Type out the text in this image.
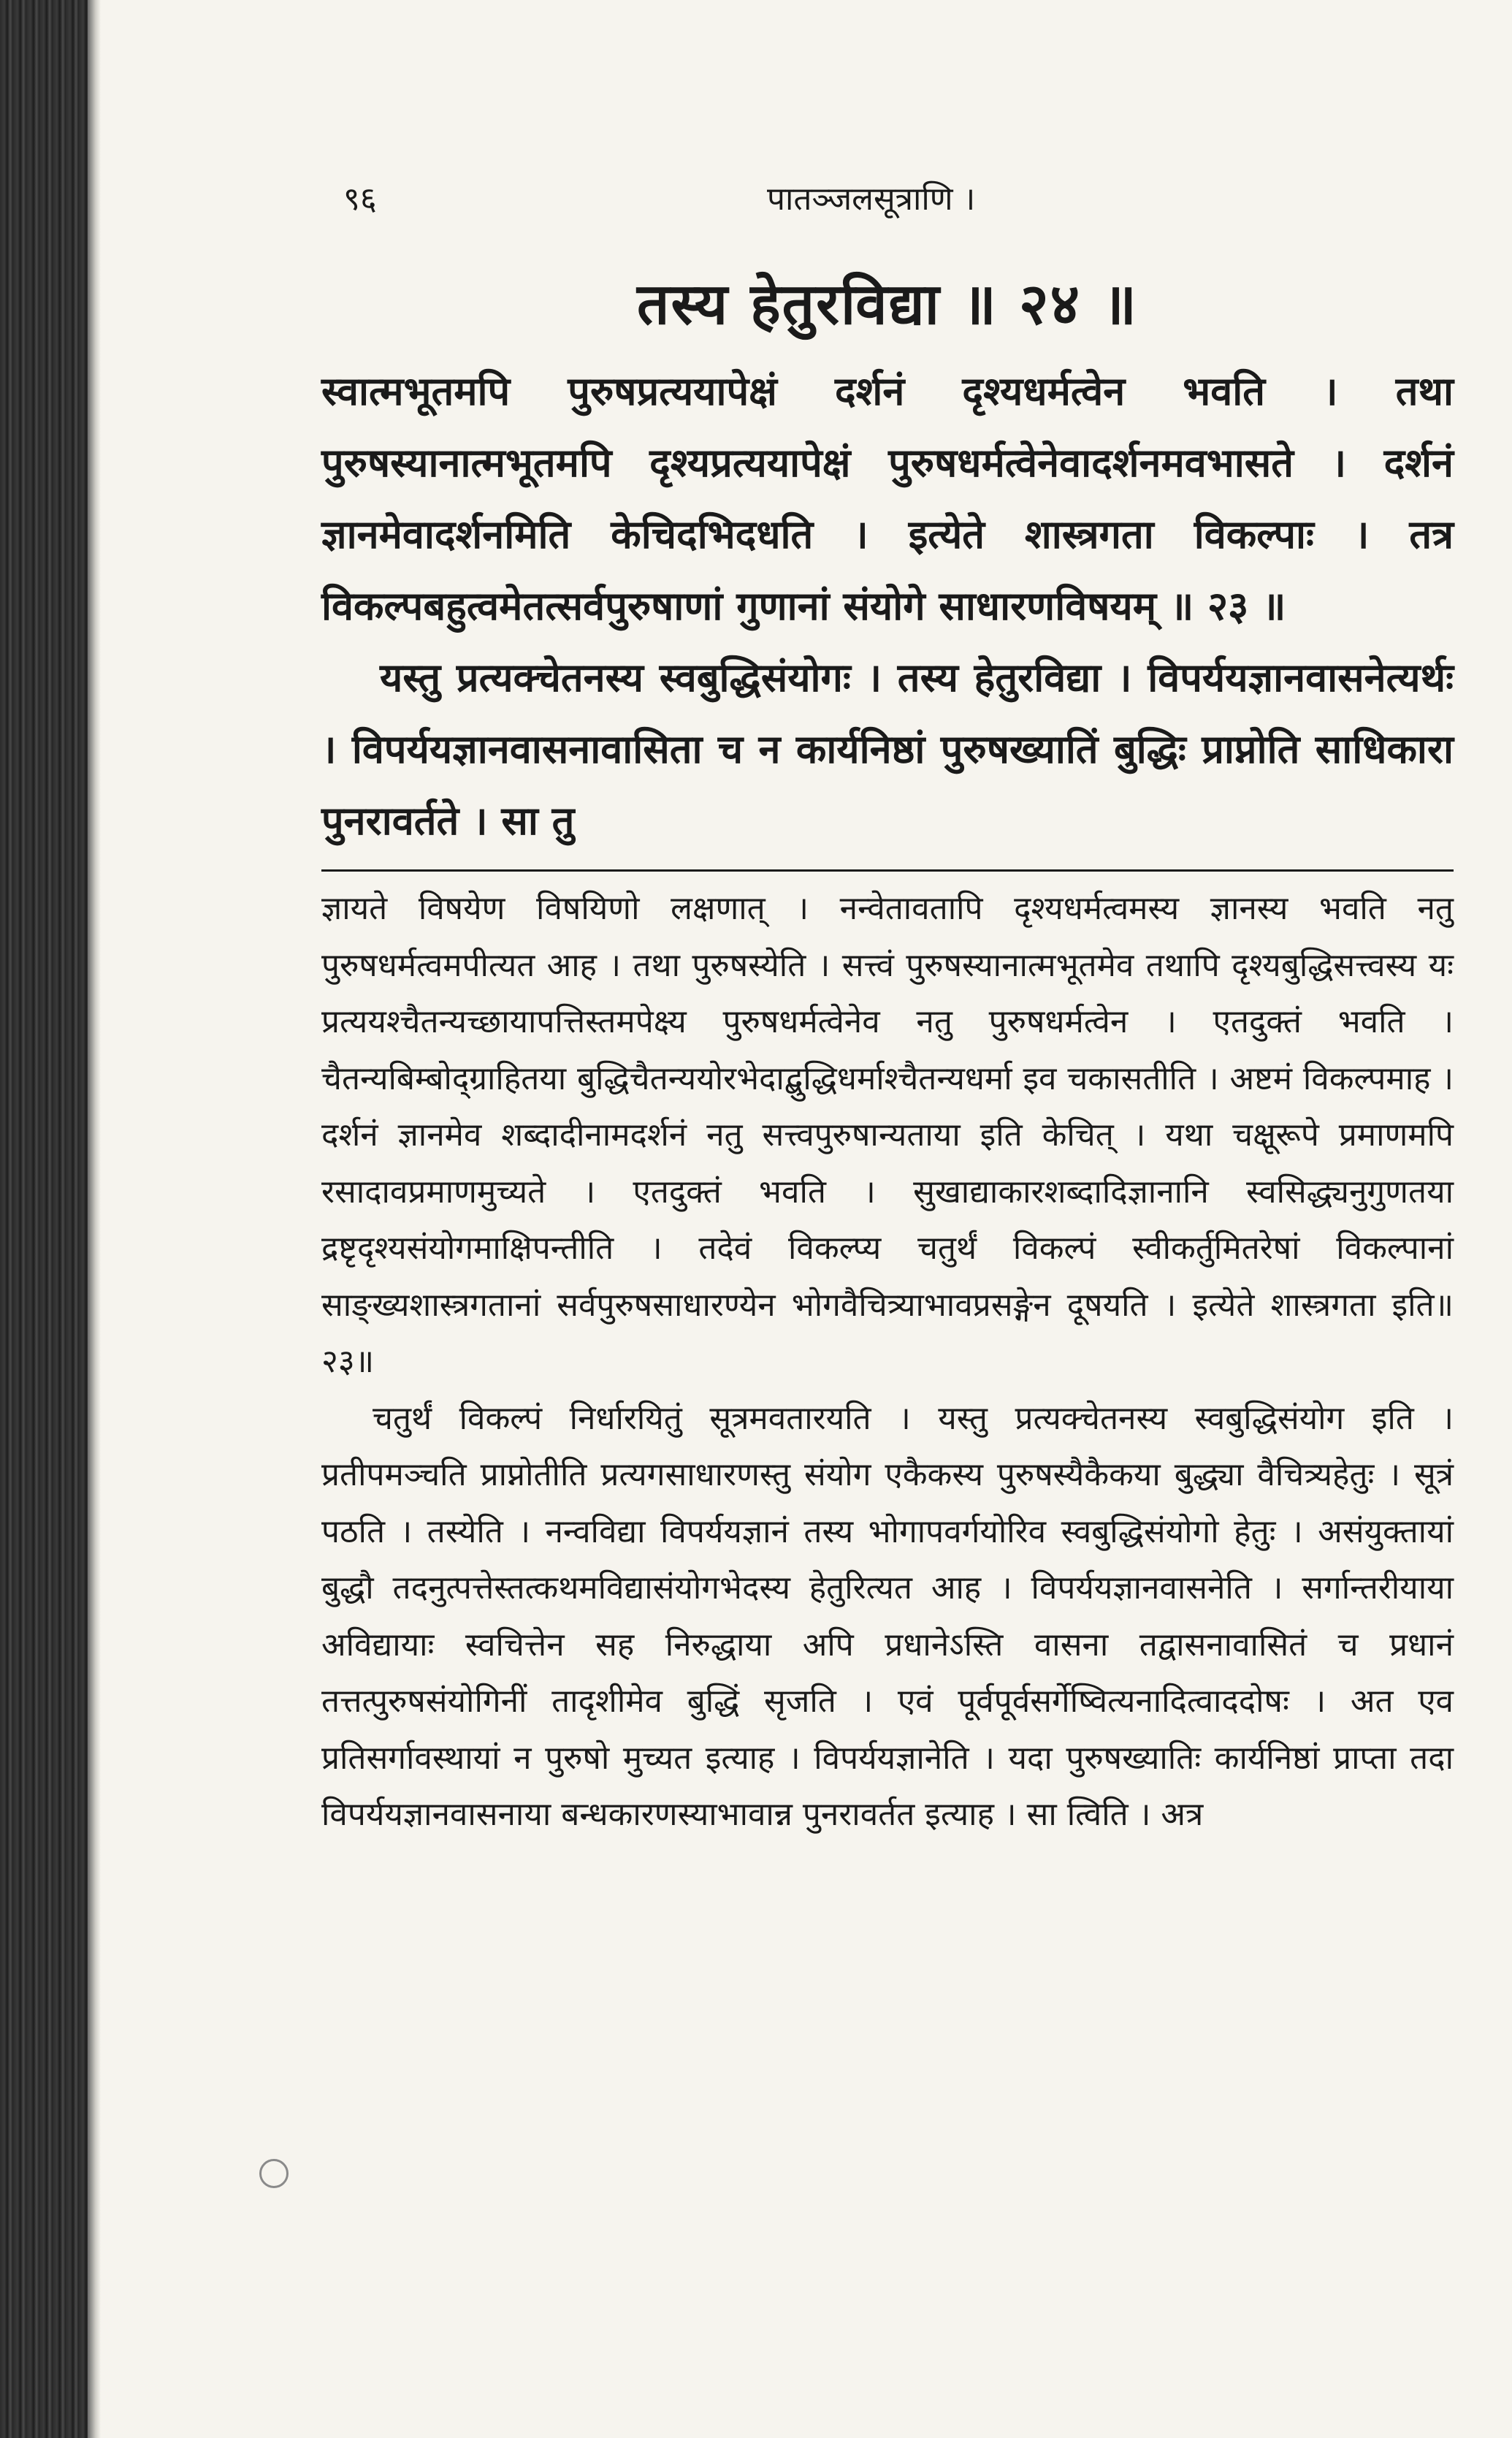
९६	पातञ्जलसूत्राणि ।
तस्य हेतुरविद्या ॥ २४ ॥

स्वात्मभूतमपि पुरुषप्रत्ययापेक्षं दर्शनं दृश्यधर्मत्वेन भवति । तथा पुरुषस्यानात्मभूतमपि दृश्यप्रत्ययापेक्षं पुरुषधर्मत्वेनेवादर्शनमवभासते । दर्शनं ज्ञानमेवादर्शनमिति केचिदभिदधति । इत्येते शास्त्रगता विकल्पाः । तत्र विकल्पबहुत्वमेतत्सर्वपुरुषाणां गुणानां संयोगे साधारणविषयम् ॥ २३ ॥

यस्तु प्रत्यक्चेतनस्य स्वबुद्धिसंयोगः । तस्य हेतुरविद्या । विपर्ययज्ञानवासनेत्यर्थः । विपर्ययज्ञानवासनावासिता च न कार्यनिष्ठां पुरुषख्यातिं बुद्धिः प्राप्नोति साधिकारा पुनरावर्तते । सा तु

ज्ञायते विषयेण विषयिणो लक्षणात् । नन्वेतावतापि दृश्यधर्मत्वमस्य ज्ञानस्य भवति नतु पुरुषधर्मत्वमपीत्यत आह । तथा पुरुषस्येति । सत्त्वं पुरुषस्यानात्मभूतमेव तथापि दृश्यबुद्धिसत्त्वस्य यः प्रत्ययश्चैतन्यच्छायापत्तिस्तमपेक्ष्य पुरुषधर्मत्वेनेव नतु पुरुषधर्मत्वेन । एतदुक्तं भवति । चैतन्यबिम्बोद्ग्राहितया बुद्धिचैतन्ययोरभेदाद्बुद्धिधर्माश्चैतन्यधर्मा इव चकासतीति । अष्टमं विकल्पमाह । दर्शनं ज्ञानमेव शब्दादीनामदर्शनं नतु सत्त्वपुरुषान्यताया इति केचित् । यथा चक्षूरूपे प्रमाणमपि रसादावप्रमाणमुच्यते । एतदुक्तं भवति । सुखाद्याकारशब्दादिज्ञानानि स्वसिद्ध्यनुगुणतया द्रष्टृदृश्यसंयोगमाक्षिपन्तीति । तदेवं विकल्प्य चतुर्थं विकल्पं स्वीकर्तुमितरेषां विकल्पानां साङ्ख्यशास्त्रगतानां सर्वपुरुषसाधारण्येन भोगवैचित्र्याभावप्रसङ्गेन दूषयति । इत्येते शास्त्रगता इति॥२३॥

चतुर्थं विकल्पं निर्धारयितुं सूत्रमवतारयति । यस्तु प्रत्यक्चेतनस्य स्वबुद्धिसंयोग इति । प्रतीपमञ्चति प्राप्नोतीति प्रत्यगसाधारणस्तु संयोग एकैकस्य पुरुषस्यैकैकया बुद्ध्या वैचित्र्यहेतुः । सूत्रं पठति । तस्येति । नन्वविद्या विपर्ययज्ञानं तस्य भोगापवर्गयोरिव स्वबुद्धिसंयोगो हेतुः । असंयुक्तायां बुद्धौ तदनुत्पत्तेस्तत्कथमविद्यासंयोगभेदस्य हेतुरित्यत आह । विपर्ययज्ञानवासनेति । सर्गान्तरीयाया अविद्यायाः स्वचित्तेन सह निरुद्धाया अपि प्रधानेऽस्ति वासना तद्वासनावासितं च प्रधानं तत्तत्पुरुषसंयोगिनीं तादृशीमेव बुद्धिं सृजति । एवं पूर्वपूर्वसर्गेष्वित्यनादित्वाददोषः । अत एव प्रतिसर्गावस्थायां न पुरुषो मुच्यत इत्याह । विपर्ययज्ञानेति । यदा पुरुषख्यातिः कार्यनिष्ठां प्राप्ता तदा विपर्ययज्ञानवासनाया बन्धकारणस्याभावान्न पुनरावर्तत इत्याह । सा त्विति । अत्र
